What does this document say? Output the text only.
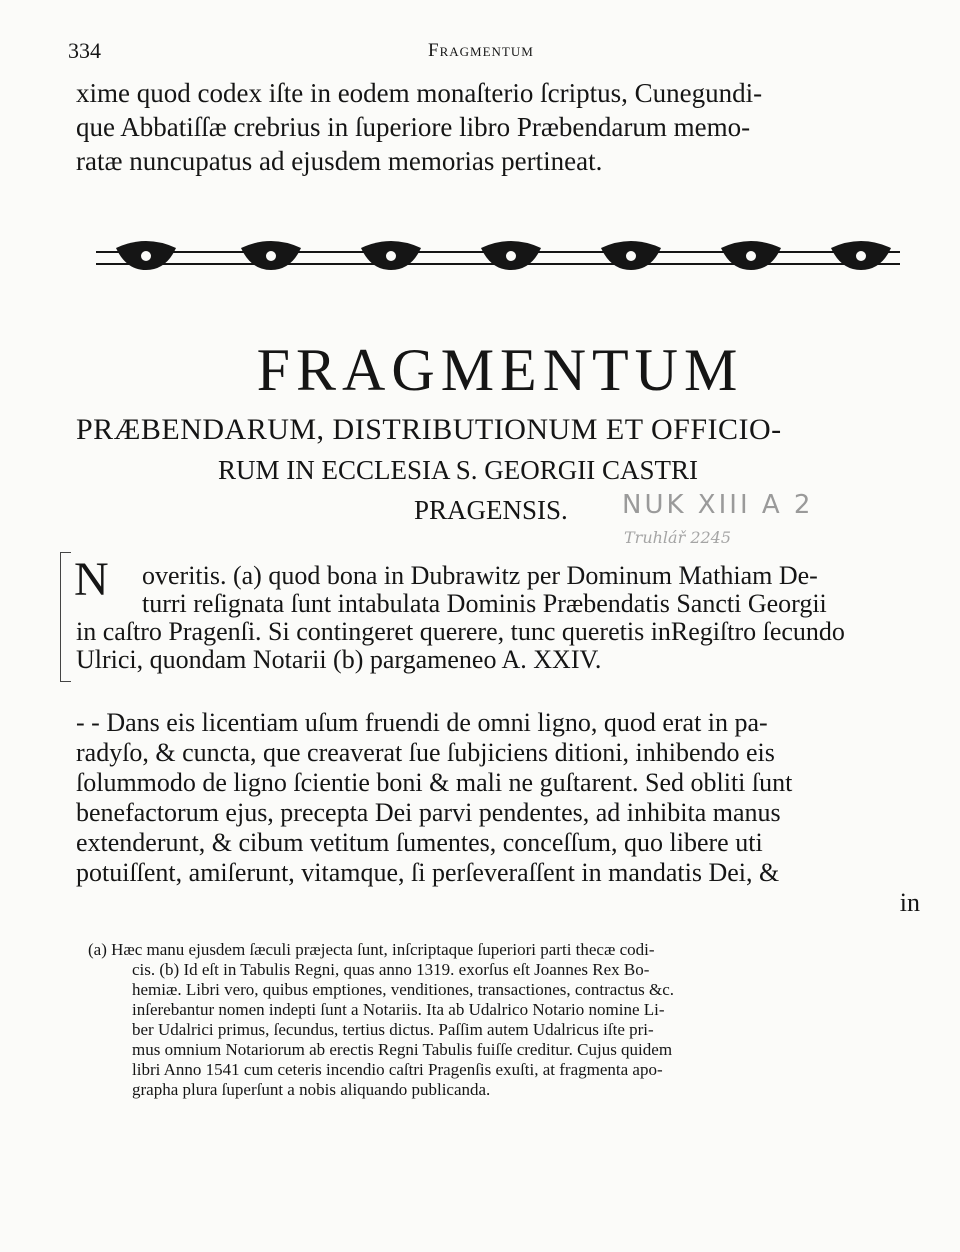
334	Fragmentum
xime quod codex iſte in eodem monaſterio ſcriptus, Cunegundi-
que Abbatiſſæ crebrius in ſuperiore libro Præbendarum memo-
ratæ nuncupatus ad ejusdem memorias pertineat.
FRAGMENTUM
PRÆBENDARUM, DISTRIBUTIONUM ET OFFICIO-
RUM IN ECCLESIA S. GEORGII CASTRI
PRAGENSIS.	NUK XIII A 2
Truhlář 2245
N	overitis. (a) quod bona in Dubrawitz per Dominum Mathiam De-
turri reſignata ſunt intabulata Dominis Præbendatis Sancti Georgii
in caſtro Pragenſi. Si contingeret querere, tunc queretis inRegiſtro ſecundo
Ulrici, quondam Notarii (b) pargameneo A. XXIV.
- - Dans eis licentiam uſum fruendi de omni ligno, quod erat in pa-
radyſo, & cuncta, que creaverat ſue ſubjiciens ditioni, inhibendo eis
ſolummodo de ligno ſcientie boni & mali ne guſtarent. Sed obliti ſunt
benefactorum ejus, precepta Dei parvi pendentes, ad inhibita manus
extenderunt, & cibum vetitum ſumentes, conceſſum, quo libere uti
potuiſſent, amiſerunt, vitamque, ſi perſeveraſſent in mandatis Dei, &
in
(a) Hæc manu ejusdem ſæculi præjecta ſunt, inſcriptaque ſuperiori parti thecæ codi-
cis. (b) Id eſt in Tabulis Regni, quas anno 1319. exorſus eſt Joannes Rex Bo-
hemiæ. Libri vero, quibus emptiones, venditiones, transactiones, contractus &c.
inſerebantur nomen indepti ſunt a Notariis. Ita ab Udalrico Notario nomine Li-
ber Udalrici primus, ſecundus, tertius dictus. Paſſim autem Udalricus iſte pri-
mus omnium Notariorum ab erectis Regni Tabulis fuiſſe creditur. Cujus quidem
libri Anno 1541 cum ceteris incendio caſtri Pragenſis exuſti, at fragmenta apo-
grapha plura ſuperſunt a nobis aliquando publicanda.
